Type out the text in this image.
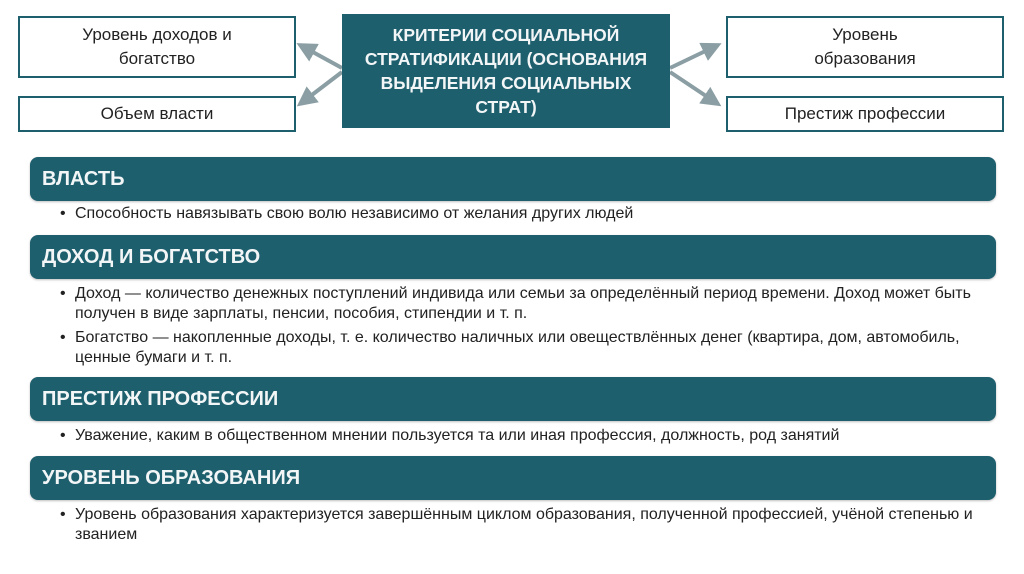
Уровень доходов и богатство
Объем власти
КРИТЕРИИ СОЦИАЛЬНОЙ СТРАТИФИКАЦИИ (ОСНОВАНИЯ ВЫДЕЛЕНИЯ СОЦИАЛЬНЫХ СТРАТ)
Уровень образования
Престиж профессии
ВЛАСТЬ
• Способность навязывать свою волю независимо от желания других людей
ДОХОД И БОГАТСТВО
• Доход — количество денежных поступлений индивида или семьи за определённый период времени. Доход может быть получен в виде зарплаты, пенсии, пособия, стипендии и т. п.
• Богатство — накопленные доходы, т. е. количество наличных или овеществлённых денег (квартира, дом, автомобиль, ценные бумаги и т. п.
ПРЕСТИЖ ПРОФЕССИИ
• Уважение, каким в общественном мнении пользуется та или иная профессия, должность, род занятий
УРОВЕНЬ ОБРАЗОВАНИЯ
• Уровень образования характеризуется завершённым циклом образования, полученной профессией, учёной степенью и званием
